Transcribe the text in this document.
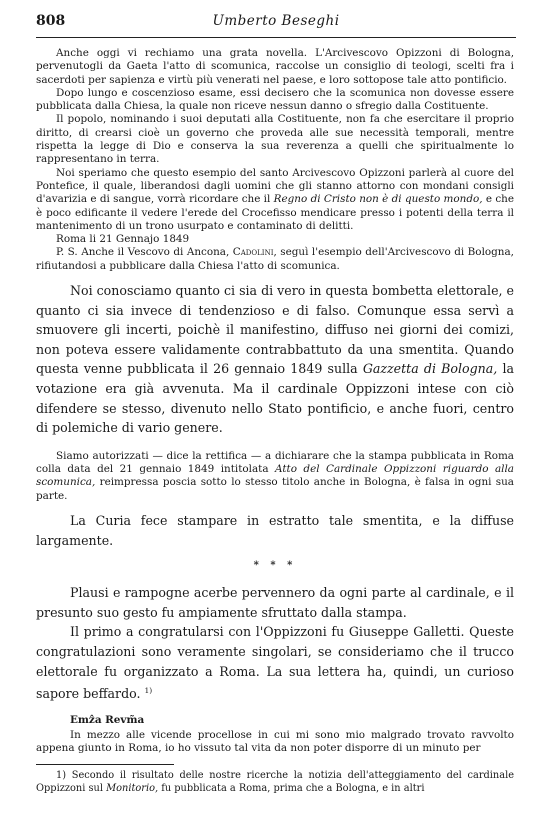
808	Umberto Beseghi

Anche oggi vi rechiamo una grata novella. L'Arcivescovo Opizzoni di Bologna, pervenutogli da Gaeta l'atto di scomunica, raccolse un consiglio di teologi, scelti fra i sacerdoti per sapienza e virtù più venerati nel paese, e loro sottopose tale atto pontificio.

Dopo lungo e coscenzioso esame, essi decisero che la scomunica non dovesse essere pubblicata dalla Chiesa, la quale non riceve nessun danno o sfregio dalla Costituente.

Il popolo, nominando i suoi deputati alla Costituente, non fa che esercitare il proprio diritto, di crearsi cioè un governo che proveda alle sue necessità temporali, mentre rispetta la legge di Dio e conserva la sua reverenza a quelli che spiritualmente lo rappresentano in terra.

Noi speriamo che questo esempio del santo Arcivescovo Opizzoni parlerà al cuore del Pontefice, il quale, liberandosi dagli uomini che gli stanno attorno con mondani consigli d'avarizia e di sangue, vorrà ricordare che il Regno di Cristo non è di questo mondo, e che è poco edificante il vedere l'erede del Crocefisso mendicare presso i potenti della terra il mantenimento di un trono usurpato e contaminato di delitti.

Roma li 21 Gennajo 1849

P. S. Anche il Vescovo di Ancona, Cadolini, seguì l'esempio dell'Arcivescovo di Bologna, rifiutandosi a pubblicare dalla Chiesa l'atto di scomunica.

Noi conosciamo quanto ci sia di vero in questa bombetta elettorale, e quanto ci sia invece di tendenzioso e di falso. Comunque essa servì a smuovere gli incerti, poichè il manifestino, diffuso nei giorni dei comizi, non poteva essere validamente contrabbattuto da una smentita. Quando questa venne pubblicata il 26 gennaio 1849 sulla Gazzetta di Bologna, la votazione era già avvenuta. Ma il cardinale Oppizzoni intese con ciò difendere se stesso, divenuto nello Stato pontificio, e anche fuori, centro di polemiche di vario genere.

Siamo autorizzati — dice la rettifica — a dichiarare che la stampa pubblicata in Roma colla data del 21 gennaio 1849 intitolata Atto del Cardinale Oppizzoni riguardo alla scomunica, reimpressa poscia sotto lo stesso titolo anche in Bologna, è falsa in ogni sua parte.

La Curia fece stampare in estratto tale smentita, e la diffuse largamente.

* * *

Plausi e rampogne acerbe pervennero da ogni parte al cardinale, e il presunto suo gesto fu ampiamente sfruttato dalla stampa.

Il primo a congratularsi con l'Oppizzoni fu Giuseppe Galletti. Queste congratulazioni sono veramente singolari, se consideriamo che il trucco elettorale fu organizzato a Roma. La sua lettera ha, quindi, un curioso sapore beffardo. $^{1)}$

Emẑa Revm̃a

In mezzo alle vicende procellose in cui mi sono mio malgrado trovato ravvolto appena giunto in Roma, io ho vissuto tal vita da non poter disporre di un minuto per

1) Secondo il risultato delle nostre ricerche la notizia dell'atteggiamento del cardinale Oppizzoni sul Monitorio, fu pubblicata a Roma, prima che a Bologna, e in altri
